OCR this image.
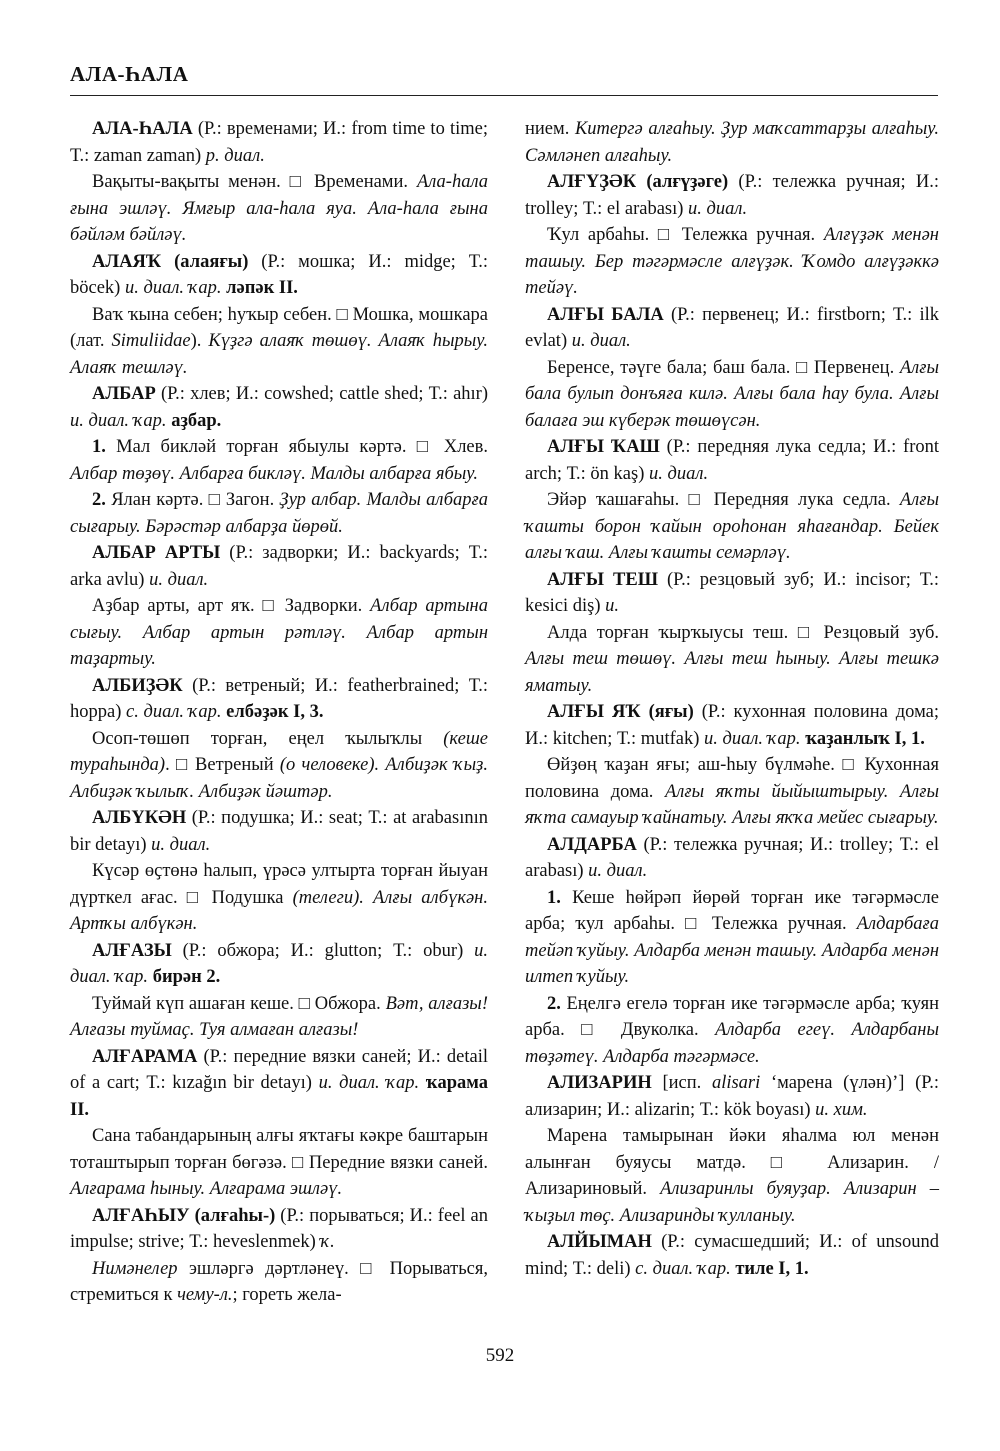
АЛА-ҺАЛА

АЛА-ҺАЛА (Р.: временами; И.: from time to time; Т.: zaman zaman) р. диал.

Вақыты-вақыты менән. □ Временами. Ала-һала ғына эшләү. Ямғыр ала-һала яуа. Ала-һала ғына бәйләм бәйләү.

АЛАЯҠ (алаяғы) (Р.: мошка; И.: midge; Т.: böcek) и. диал. ҡар. ләпәк II.

Ваҡ ҡына себен; һуҡыр себен. □ Мошка, мошкара (лат. Simuliidae). Күҙгә алаяҡ төшөү. Алаяҡ һырыу. Алаяҡ тешләү.

АЛБАР (Р.: хлев; И.: cowshed; cattle shed; Т.: ahır) и. диал. ҡар. аҙбар.

1. Мал биклəй торған ябыулы кәртә. □ Хлев. Албар төҙөү. Албарға бикләү. Малды албарға ябыу.

2. Ялан кәртә. □ Загон. Ҙур албар. Малды албарға сығарыу. Бәрәстәр албарҙа йөрөй.

АЛБАР АРТЫ (Р.: задворки; И.: backyards; Т.: arka avlu) и. диал.

Аҙбар арты, арт яҡ. □ Задворки. Албар артына сығыу. Албар артын рәтләү. Албар артын таҙартыу.

АЛБИҘӘК (Р.: ветреный; И.: featherbrained; Т.: hoppa) с. диал. ҡар. елбәҙәк I, 3.

Осоп-төшөп торған, еңел ҡылыҡлы (кеше тураһында). □ Ветреный (о человеке). Албиҙәк ҡыҙ. Албиҙәк ҡылыҡ. Албиҙәк йәштәр.

АЛБҮКӘН (Р.: подушка; И.: seat; Т.: at arabasının bir detayı) и. диал.

Күсәр өҫтөнә һалып, үрәсә ултырта торған йыуан дүрткел ағас. □ Подушка (телеги). Алғы албүкән. Артҡы албүкән.

АЛҒАЗЫ (Р.: обжора; И.: glutton; Т.: obur) и. диал. ҡар. бирән 2.

Туймай күп ашаған кеше. □ Обжора. Вәт, алғазы! Алғазы туймаҫ. Туя алмаған алғазы!

АЛҒАРАМА (Р.: передние вязки саней; И.: detail of a cart; Т.: kızağın bir detayı) и. диал. ҡар. ҡарама II.

Сана табандарының алғы яҡтағы кәкре баштарын тоташтырып торған бөгәзә. □ Передние вязки саней. Алғарама һыныу. Алғарама эшләү.

АЛҒАҺЫУ (алғаһы-) (Р.: порываться; И.: feel an impulse; strive; Т.: heveslenmek) ҡ.

Нимәнелер эшләргә дәртләнеү. □ Порываться, стремиться к чему-л.; гореть жела-

нием. Китергә алғаһыу. Ҙур маҡсаттарҙы алғаһыу. Сәмләнеп алғаһыу.

АЛҒҮҘӘК (алғүҙәге) (Р.: тележка ручная; И.: trolley; Т.: el arabası) и. диал.

Ҡул арбаһы. □ Тележка ручная. Алғүҙәк менән ташыу. Бер тәгәрмәсле алғүҙәк. Ҡомдо алғүҙәккә тейәү.

АЛҒЫ БАЛА (Р.: первенец; И.: firstborn; Т.: ilk evlat) и. диал.

Беренсе, тәүге бала; баш бала. □ Первенец. Алғы бала булып донъяға килә. Алғы бала һау була. Алғы балаға эш күберәк төшөүсән.

АЛҒЫ ҠАШ (Р.: передняя лука седла; И.: front arch; Т.: ön kaş) и. диал.

Эйәр ҡашағаһы. □ Передняя лука седла. Алғы ҡашты борон ҡайын ороһонан яһағандар. Бейек алғы ҡаш. Алғы ҡашты семәрләү.

АЛҒЫ ТЕШ (Р.: резцовый зуб; И.: incisor; Т.: kesici diş) и.

Алда торған ҡырҡыусы теш. □ Резцовый зуб. Алғы теш төшөү. Алғы теш һыныу. Алғы тешкә яматыу.

АЛҒЫ ЯҠ (яғы) (Р.: кухонная половина дома; И.: kitchen; Т.: mutfak) и. диал. ҡар. ҡаҙанлыҡ I, 1.

Өйҙөң ҡаҙан яғы; аш-һыу бүлмәһе. □ Кухонная половина дома. Алғы яҡты йыйыштырыу. Алғы яҡта самауыр ҡайнатыу. Алғы яҡҡа мейес сығарыу.

АЛДАРБА (Р.: тележка ручная; И.: trolley; Т.: el arabası) и. диал.

1. Кеше һөйрәп йөрөй торған ике тәгәрмәсле арба; ҡул арбаһы. □ Тележка ручная. Алдарбаға тейәп ҡуйыу. Алдарба менән ташыу. Алдарба менән илтеп ҡуйыу.

2. Еңелгә егелә торған ике тәгәрмәсле арба; ҡуян арба. □ Двуколка. Алдарба егеү. Алдарбаны төҙәтеү. Алдарба тәгәрмәсе.

АЛИЗАРИН [исп. alisari ‘марена (үлән)’] (Р.: ализарин; И.: alizarin; Т.: kök boyası) и. хим.

Марена тамырынан йәки яһалма юл менән алынған буяусы матдә. □ Ализарин. / Ализариновый. Ализаринлы буяуҙар. Ализарин – ҡыҙыл төҫ. Ализаринды ҡулланыу.

АЛЙЫМАН (Р.: сумасшедший; И.: of unsound mind; Т.: deli) с. диал. ҡар. тиле I, 1.

592
